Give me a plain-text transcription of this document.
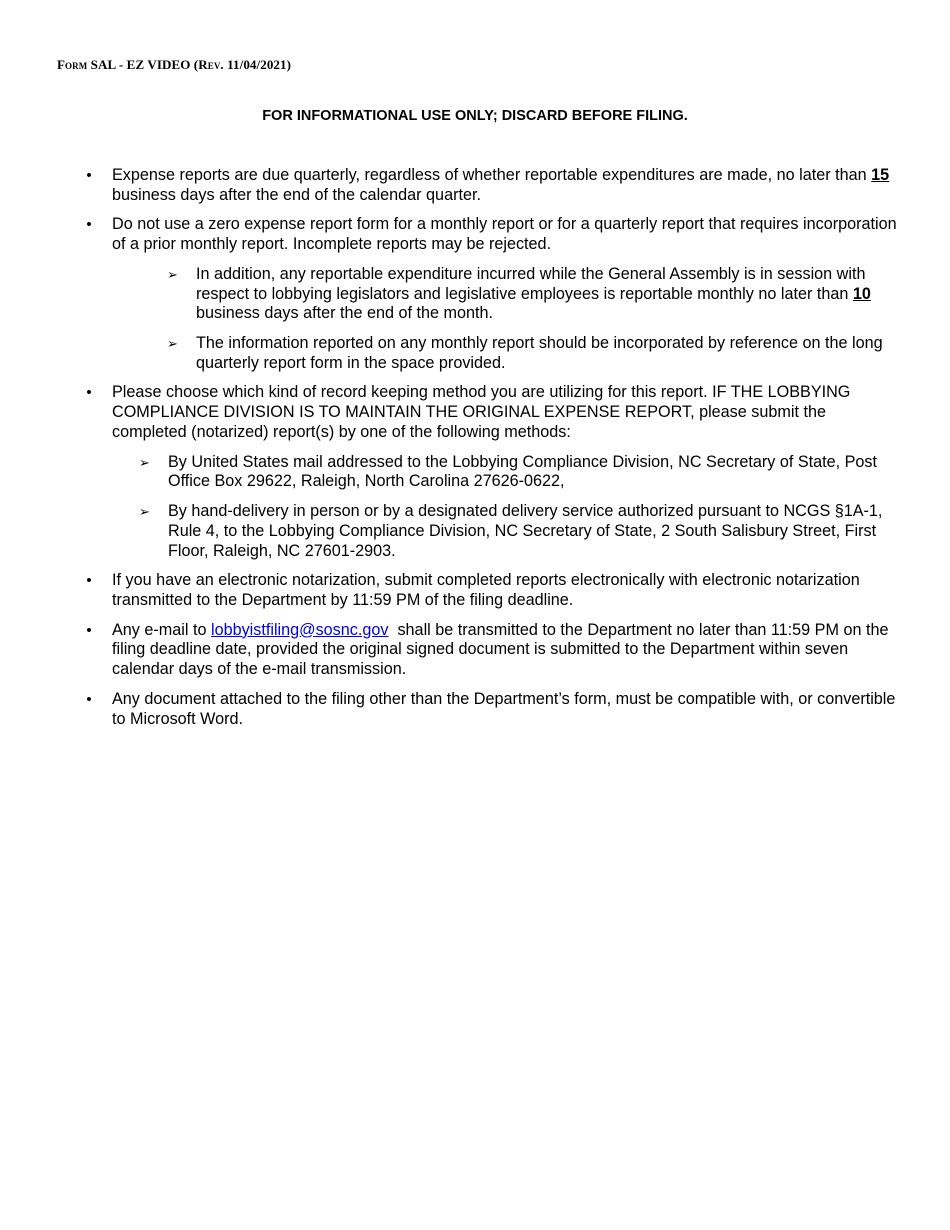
Form SAL - EZ VIDEO (Rev. 11/04/2021)
FOR INFORMATIONAL USE ONLY; DISCARD BEFORE FILING.
• Expense reports are due quarterly, regardless of whether reportable expenditures are made, no later than 15 business days after the end of the calendar quarter.
• Do not use a zero expense report form for a monthly report or for a quarterly report that requires incorporation of a prior monthly report. Incomplete reports may be rejected.
➢	In addition, any reportable expenditure incurred while the General Assembly is in session with respect to lobbying legislators and legislative employees is reportable monthly no later than 10 business days after the end of the month.
➢	The information reported on any monthly report should be incorporated by reference on the long quarterly report form in the space provided.
• Please choose which kind of record keeping method you are utilizing for this report. IF THE LOBBYING COMPLIANCE DIVISION IS TO MAINTAIN THE ORIGINAL EXPENSE REPORT, please submit the completed (notarized) report(s) by one of the following methods:
➢	By United States mail addressed to the Lobbying Compliance Division, NC Secretary of State, Post Office Box 29622, Raleigh, North Carolina 27626-0622,
➢	By hand-delivery in person or by a designated delivery service authorized pursuant to NCGS §1A-1, Rule 4, to the Lobbying Compliance Division, NC Secretary of State, 2 South Salisbury Street, First Floor, Raleigh, NC 27601-2903.
• If you have an electronic notarization, submit completed reports electronically with electronic notarization transmitted to the Department by 11:59 PM of the filing deadline.
• Any e-mail to lobbyistfiling@sosnc.gov  shall be transmitted to the Department no later than 11:59 PM on the filing deadline date, provided the original signed document is submitted to the Department within seven calendar days of the e-mail transmission.
• Any document attached to the filing other than the Department’s form, must be compatible with, or convertible to Microsoft Word.
